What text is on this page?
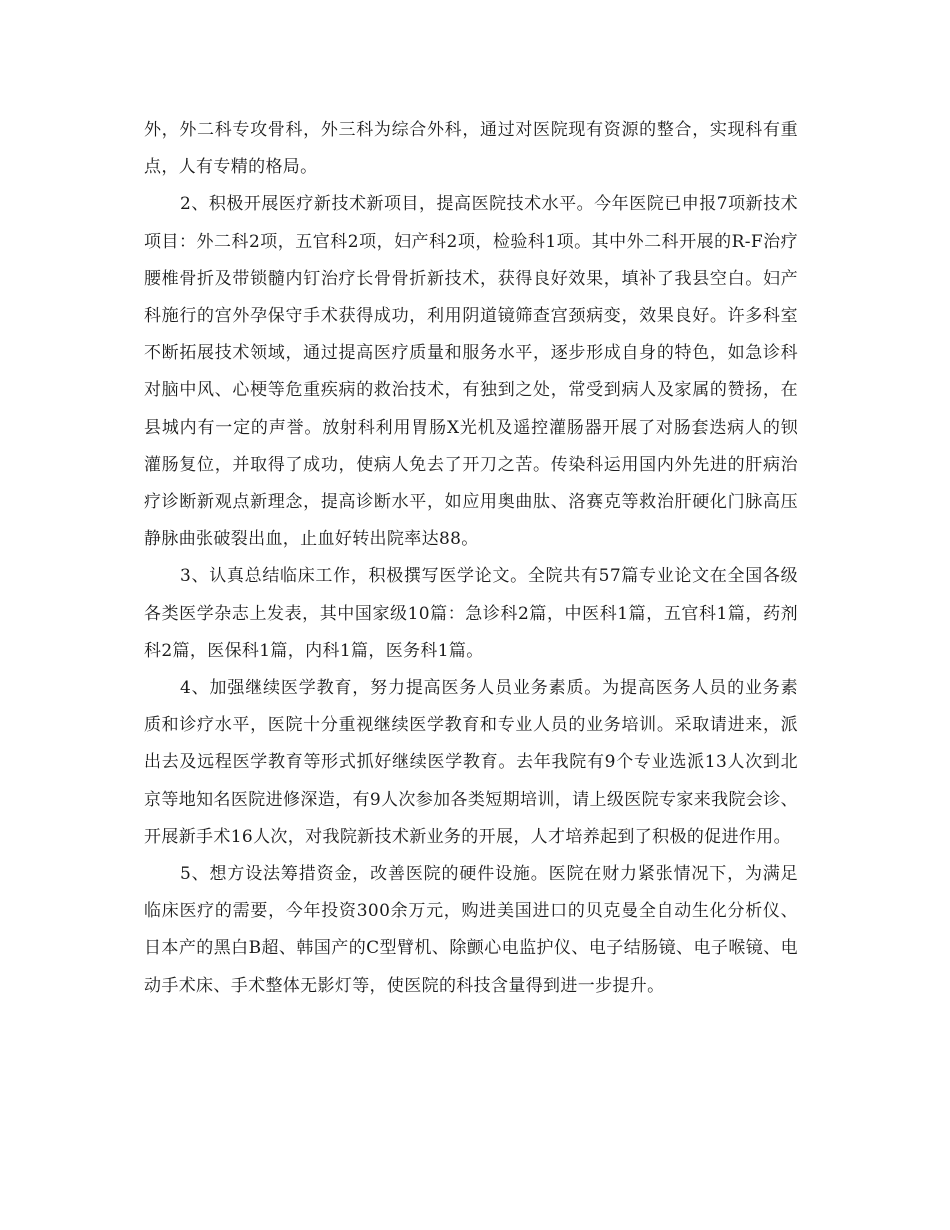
外，外二科专攻骨科，外三科为综合外科，通过对医院现有资源的整合，实现科有重点，人有专精的格局。

2、积极开展医疗新技术新项目，提高医院技术水平。今年医院已申报7项新技术项目：外二科2项，五官科2项，妇产科2项，检验科1项。其中外二科开展的R-F治疗腰椎骨折及带锁髓内钉治疗长骨骨折新技术，获得良好效果，填补了我县空白。妇产科施行的宫外孕保守手术获得成功，利用阴道镜筛查宫颈病变，效果良好。许多科室不断拓展技术领域，通过提高医疗质量和服务水平，逐步形成自身的特色，如急诊科对脑中风、心梗等危重疾病的救治技术，有独到之处，常受到病人及家属的赞扬，在县城内有一定的声誉。放射科利用胃肠X光机及遥控灌肠器开展了对肠套迭病人的钡灌肠复位，并取得了成功，使病人免去了开刀之苦。传染科运用国内外先进的肝病治疗诊断新观点新理念，提高诊断水平，如应用奥曲肽、洛赛克等救治肝硬化门脉高压静脉曲张破裂出血，止血好转出院率达88。

3、认真总结临床工作，积极撰写医学论文。全院共有57篇专业论文在全国各级各类医学杂志上发表，其中国家级10篇：急诊科2篇，中医科1篇，五官科1篇，药剂科2篇，医保科1篇，内科1篇，医务科1篇。

4、加强继续医学教育，努力提高医务人员业务素质。为提高医务人员的业务素质和诊疗水平，医院十分重视继续医学教育和专业人员的业务培训。采取请进来，派出去及远程医学教育等形式抓好继续医学教育。去年我院有9个专业选派13人次到北京等地知名医院进修深造，有9人次参加各类短期培训，请上级医院专家来我院会诊、开展新手术16人次，对我院新技术新业务的开展，人才培养起到了积极的促进作用。

5、想方设法筹措资金，改善医院的硬件设施。医院在财力紧张情况下，为满足临床医疗的需要，今年投资300余万元，购进美国进口的贝克曼全自动生化分析仪、日本产的黑白B超、韩国产的C型臂机、除颤心电监护仪、电子结肠镜、电子喉镜、电动手术床、手术整体无影灯等，使医院的科技含量得到进一步提升。
